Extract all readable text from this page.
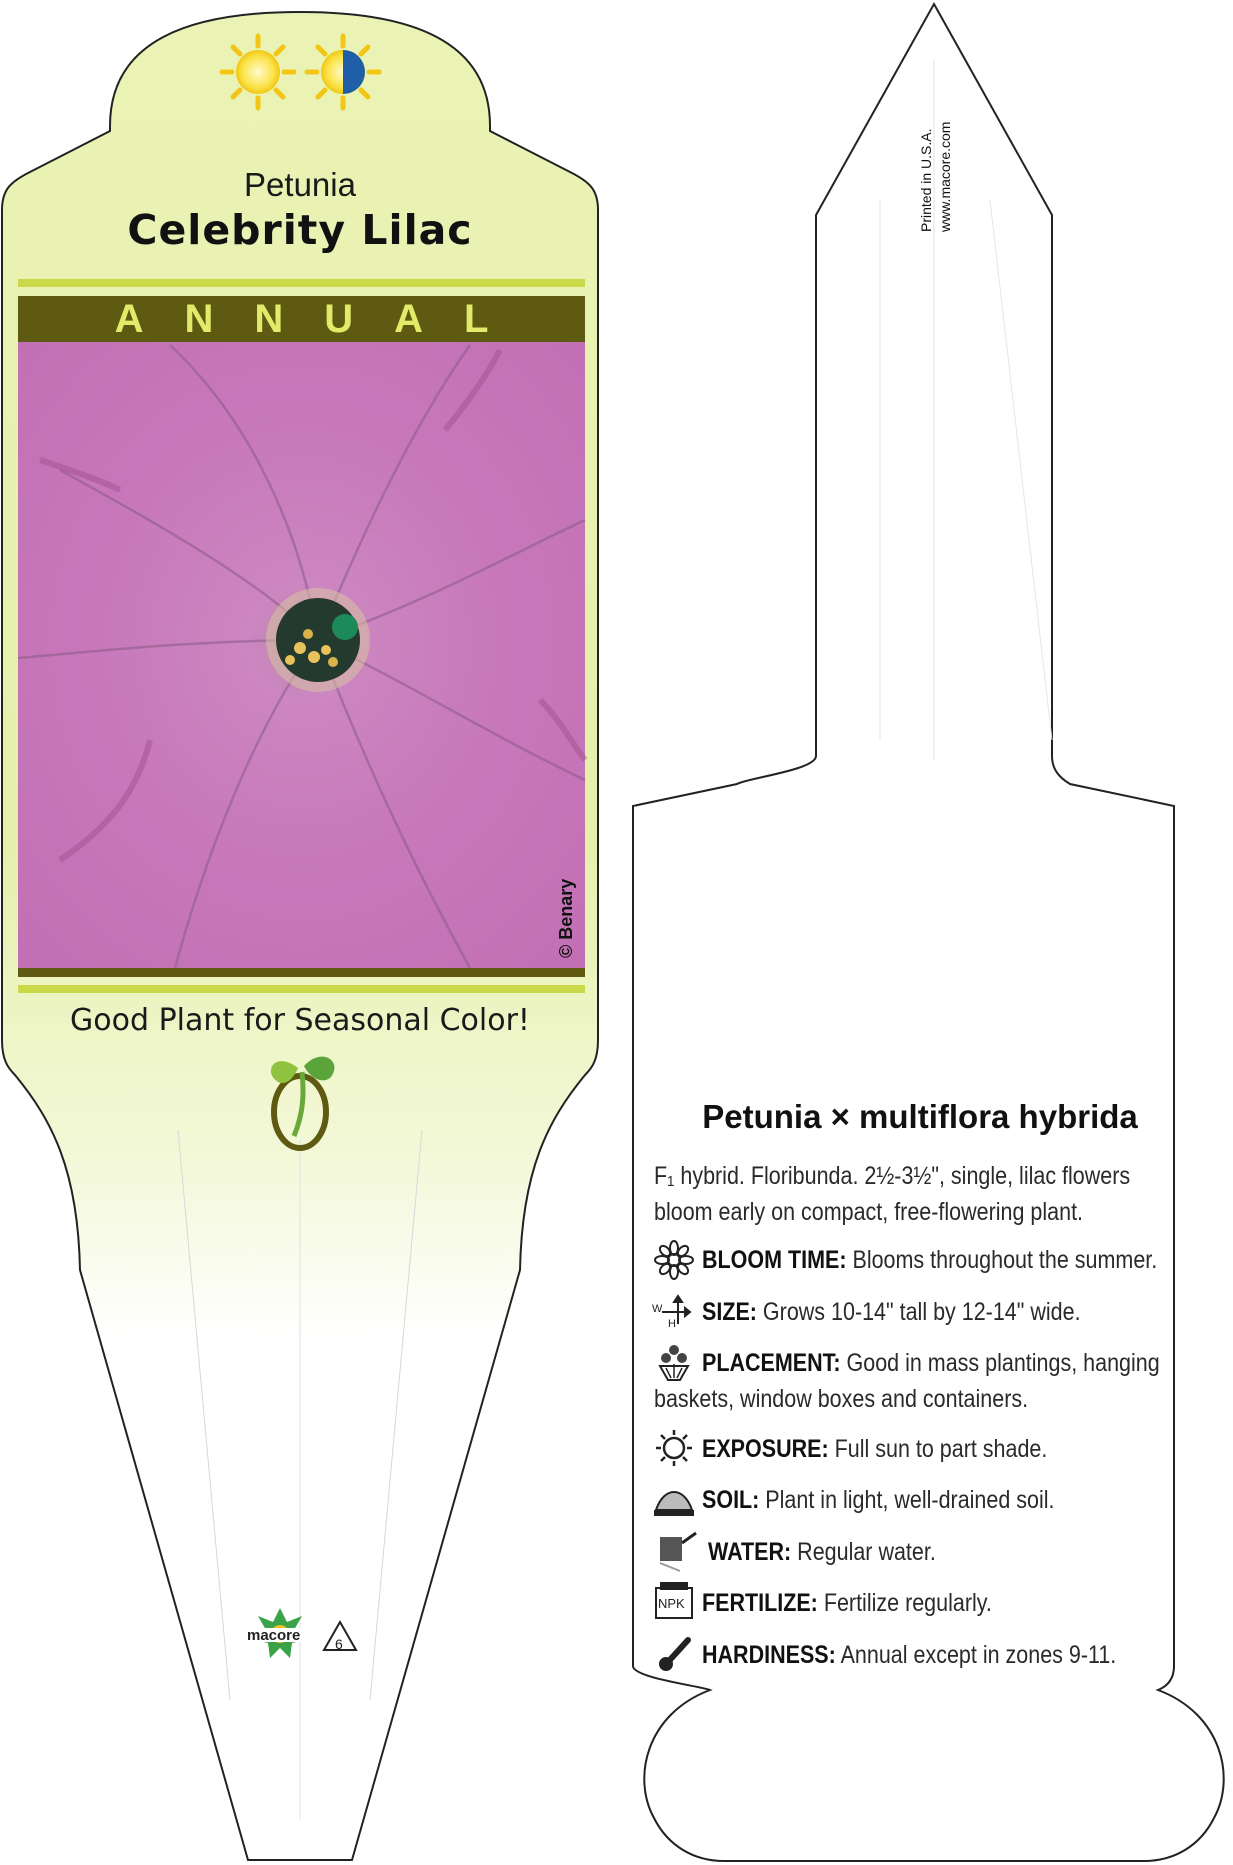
Petunia
Celebrity Lilac
ANNUAL
© Benary
Good Plant for Seasonal Color!
macore 6
Printed in U.S.A. www.macore.com
Petunia × multiflora hybrida
F₁ hybrid. Floribunda. 2½-3½", single, lilac flowers
bloom early on compact, free-flowering plant.
W
H
NPK
BLOOM TIME: Blooms throughout the summer.
SIZE: Grows 10-14" tall by 12-14" wide.
PLACEMENT: Good in mass plantings, hanging
baskets, window boxes and containers.
EXPOSURE: Full sun to part shade.
SOIL: Plant in light, well-drained soil.
WATER: Regular water.
FERTILIZE: Fertilize regularly.
HARDINESS: Annual except in zones 9-11.
